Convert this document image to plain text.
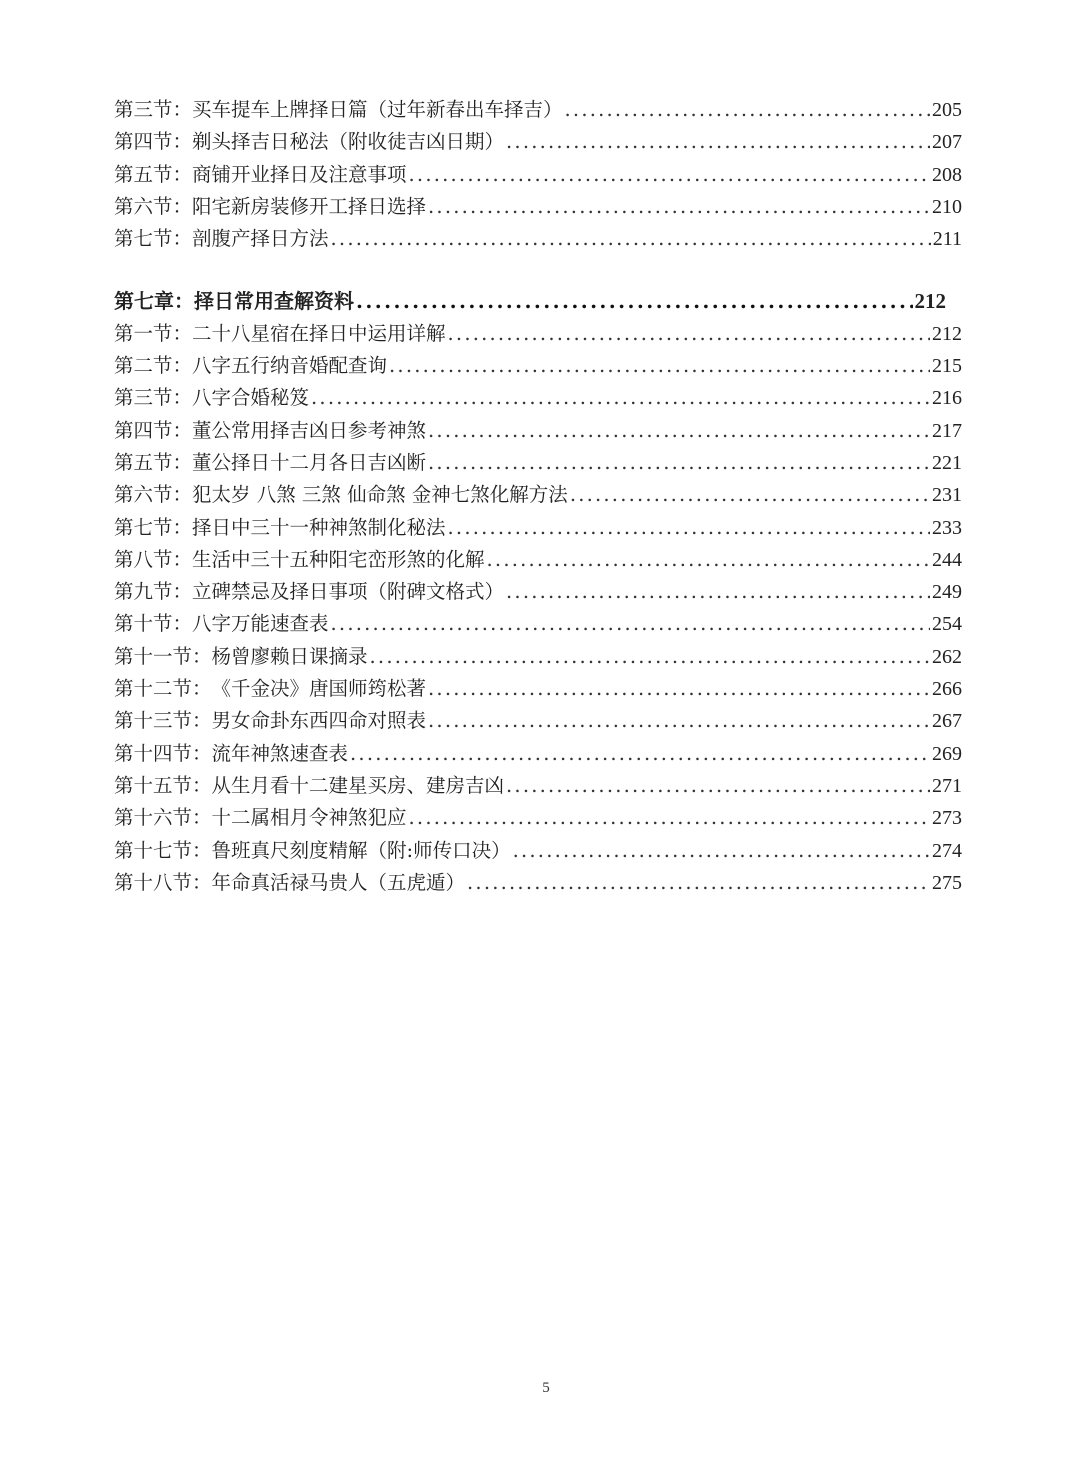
第三节： 买车提车上牌择日篇（过年新春出车择吉） .....	205
第四节： 剃头择吉日秘法（附收徒吉凶日期） .....	207
第五节： 商铺开业择日及注意事项 .....	208
第六节： 阳宅新房装修开工择日选择 .....	210
第七节： 剖腹产择日方法 .....	211
第七章： 择日常用查解资料 .....	212
第一节： 二十八星宿在择日中运用详解 .....	212
第二节： 八字五行纳音婚配查询 .....	215
第三节： 八字合婚秘笈 .....	216
第四节： 董公常用择吉凶日参考神煞 .....	217
第五节： 董公择日十二月各日吉凶断 .....	221
第六节： 犯太岁 八煞 三煞 仙命煞 金神七煞化解方法 .....	231
第七节： 择日中三十一种神煞制化秘法 .....	233
第八节： 生活中三十五种阳宅峦形煞的化解 .....	244
第九节： 立碑禁忌及择日事项（附碑文格式） .....	249
第十节： 八字万能速查表 .....	254
第十一节： 杨曾廖赖日课摘录 .....	262
第十二节： 《千金决》唐国师筠松著 .....	266
第十三节： 男女命卦东西四命对照表 .....	267
第十四节： 流年神煞速查表 .....	269
第十五节： 从生月看十二建星买房、建房吉凶 .....	271
第十六节： 十二属相月令神煞犯应 .....	273
第十七节： 鲁班真尺刻度精解（附:师传口决） .....	274
第十八节： 年命真活禄马贵人（五虎遁） .....	275
5
